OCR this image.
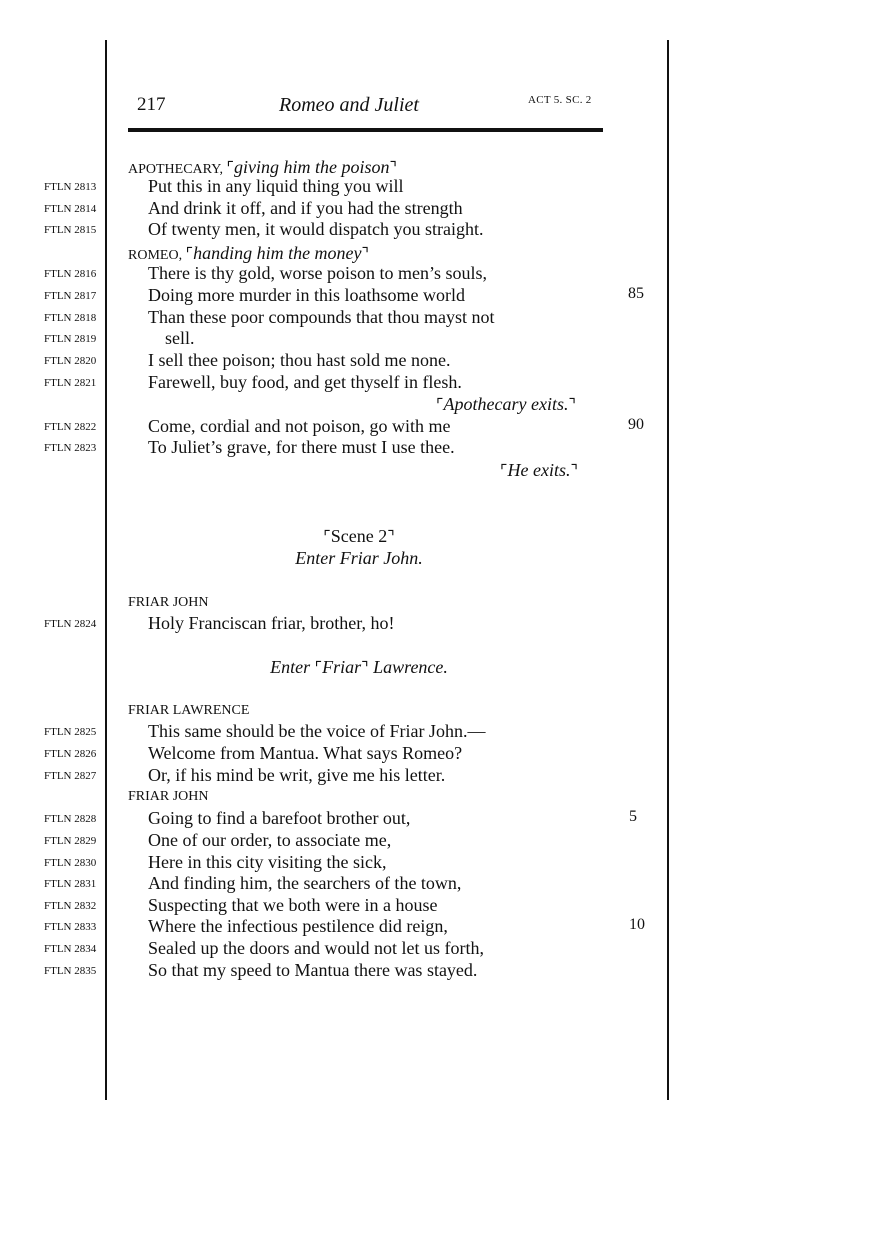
217	Romeo and Juliet	ACT 5. SC. 2
APOTHECARY, ⌜giving him the poison⌝
FTLN 2813	Put this in any liquid thing you will
FTLN 2814	And drink it off, and if you had the strength
FTLN 2815	Of twenty men, it would dispatch you straight.
ROMEO, ⌜handing him the money⌝
FTLN 2816	There is thy gold, worse poison to men’s souls,
FTLN 2817	Doing more murder in this loathsome world	85
FTLN 2818	Than these poor compounds that thou mayst not
FTLN 2819	sell.
FTLN 2820	I sell thee poison; thou hast sold me none.
FTLN 2821	Farewell, buy food, and get thyself in flesh.
⌜Apothecary exits.⌝
FTLN 2822	Come, cordial and not poison, go with me	90
FTLN 2823	To Juliet’s grave, for there must I use thee.
⌜He exits.⌝
⌜Scene 2⌝
Enter Friar John.
FRIAR JOHN
FTLN 2824	Holy Franciscan friar, brother, ho!
Enter ⌜Friar⌝ Lawrence.
FRIAR LAWRENCE
FTLN 2825	This same should be the voice of Friar John.—
FTLN 2826	Welcome from Mantua. What says Romeo?
FTLN 2827	Or, if his mind be writ, give me his letter.
FRIAR JOHN
FTLN 2828	Going to find a barefoot brother out,	5
FTLN 2829	One of our order, to associate me,
FTLN 2830	Here in this city visiting the sick,
FTLN 2831	And finding him, the searchers of the town,
FTLN 2832	Suspecting that we both were in a house
FTLN 2833	Where the infectious pestilence did reign,	10
FTLN 2834	Sealed up the doors and would not let us forth,
FTLN 2835	So that my speed to Mantua there was stayed.
